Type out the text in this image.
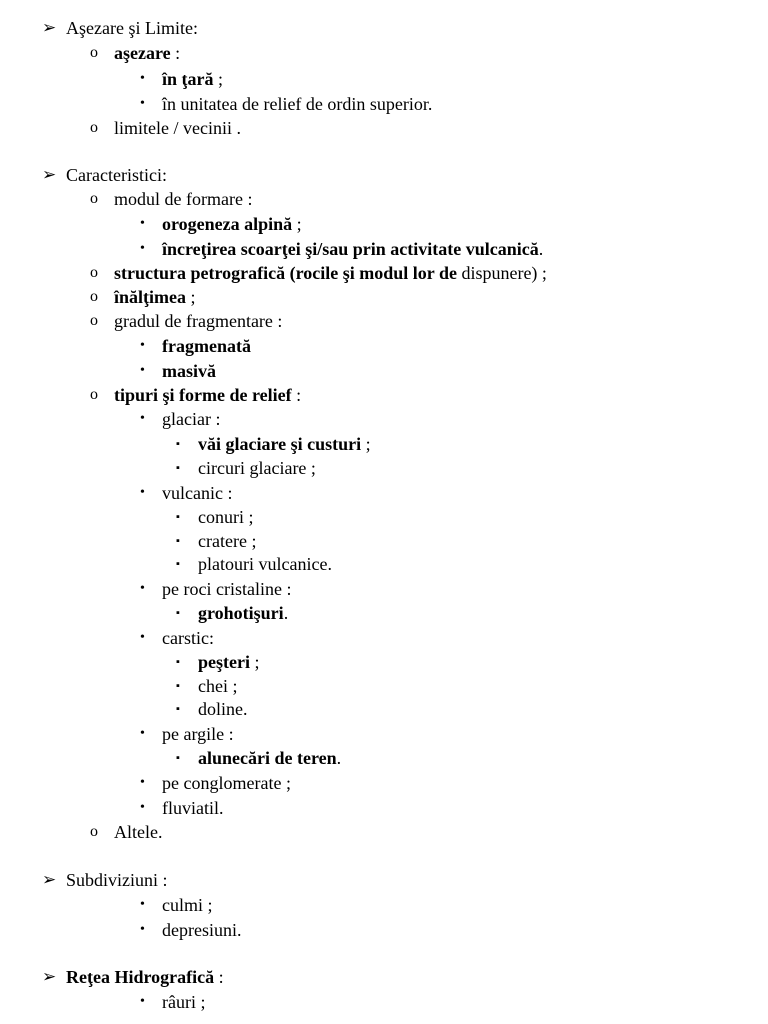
➢ Aşezare şi Limite:
o aşezare :
• în ţară ;
• în unitatea de relief de ordin superior.
o limitele / vecinii .
➢ Caracteristici:
o modul de formare :
• orogeneza alpină ;
• încreţirea scoarţei şi/sau prin activitate vulcanică.
o structura petrografică (rocile şi modul lor de dispunere) ;
o înălţimea ;
o gradul de fragmentare :
• fragmenată
• masivă
o tipuri şi forme de relief :
• glaciar :
▪ văi glaciare şi custuri ;
▪ circuri glaciare ;
• vulcanic :
▪ conuri ;
▪ cratere ;
▪ platouri vulcanice.
• pe roci cristaline :
▪ grohotişuri.
• carstic:
▪ peşteri ;
▪ chei ;
▪ doline.
• pe argile :
▪ alunecări de teren.
• pe conglomerate ;
• fluviatil.
o Altele.
➢ Subdiviziuni :
• culmi ;
• depresiuni.
➢ Reţea Hidrografică :
• râuri ;
